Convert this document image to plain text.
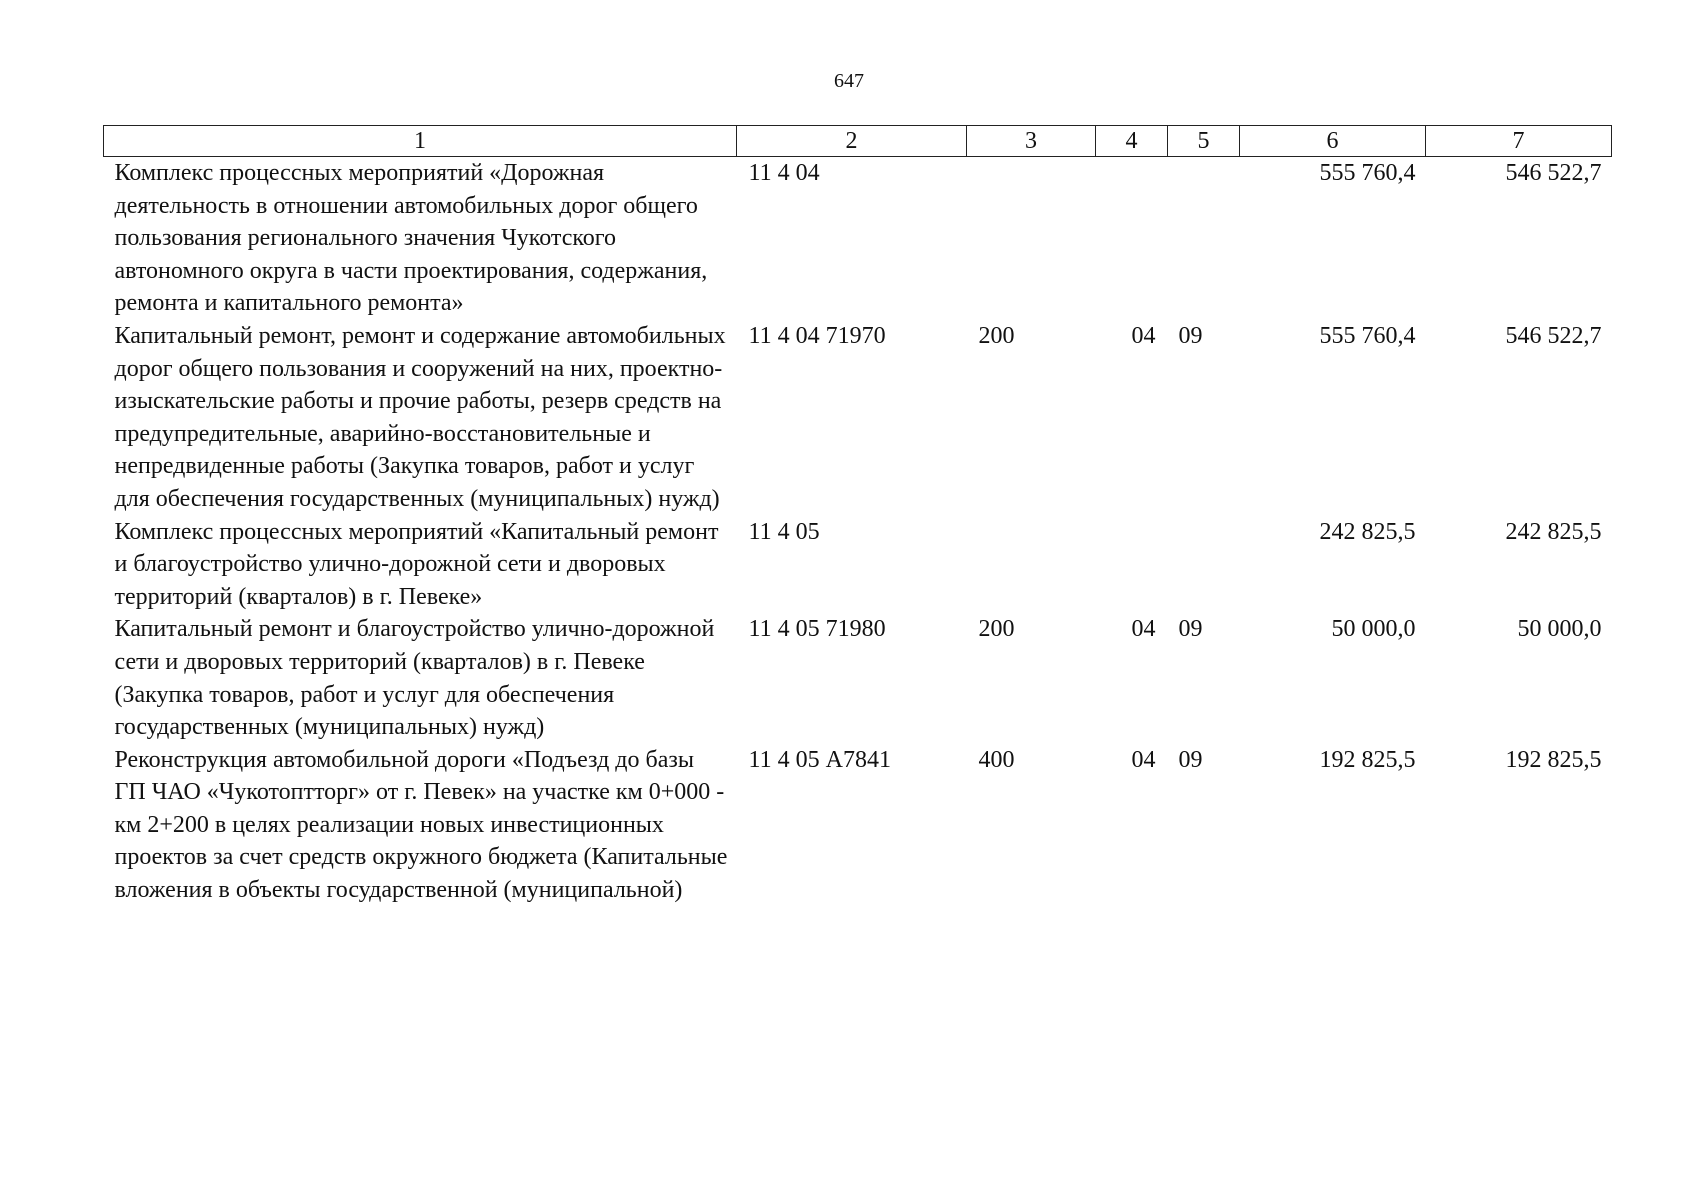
647
1	2	3	4	5	6	7
Комплекс процессных мероприятий «Дорожная деятельность в отношении автомобильных дорог общего пользования регионального значения Чукотского автономного округа в части проектирования, содержания, ремонта и капитального ремонта»	11 4 04				555 760,4	546 522,7
Капитальный ремонт, ремонт и содержание автомобильных дорог общего пользования и сооружений на них, проектно-изыскательские работы и прочие работы, резерв средств на предупредительные, аварийно-восстановительные и непредвиденные работы (Закупка товаров, работ и услуг для обеспечения государственных (муниципальных) нужд)	11 4 04 71970	200	04	09	555 760,4	546 522,7
Комплекс процессных мероприятий «Капитальный ремонт и благоустройство улично-дорожной сети и дворовых территорий (кварталов) в г. Певеке»	11 4 05				242 825,5	242 825,5
Капитальный ремонт и благоустройство улично-дорожной сети и дворовых территорий (кварталов) в г. Певеке (Закупка товаров, работ и услуг для обеспечения государственных (муниципальных) нужд)	11 4 05 71980	200	04	09	50 000,0	50 000,0
Реконструкция автомобильной дороги «Подъезд до базы ГП ЧАО «Чукотоптторг» от г. Певек» на участке км 0+000 - км 2+200 в целях реализации новых инвестиционных проектов за счет средств окружного бюджета (Капитальные вложения в объекты государственной (муниципальной)	11 4 05 А7841	400	04	09	192 825,5	192 825,5
